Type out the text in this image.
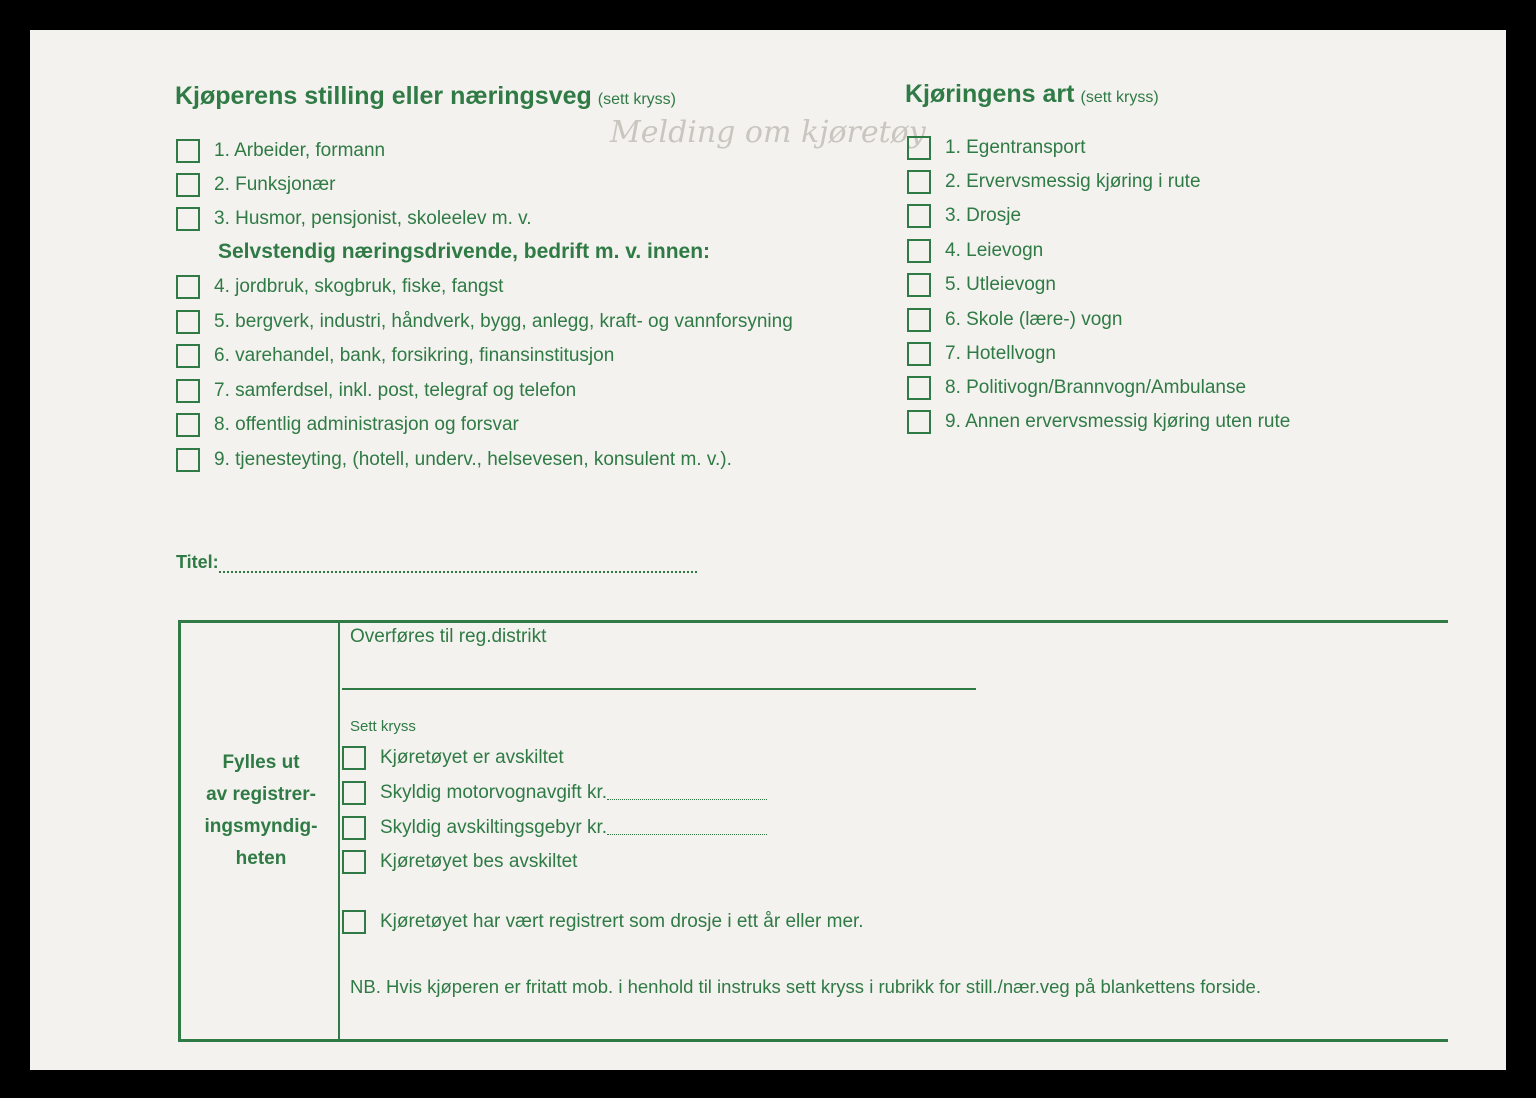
Melding om kjøretøy
Kjøperens stilling eller næringsveg (sett kryss)
1. Arbeider, formann
2. Funksjonær
3. Husmor, pensjonist, skoleelev m. v.
Selvstendig næringsdrivende, bedrift m. v. innen:
4. jordbruk, skogbruk, fiske, fangst
5. bergverk, industri, håndverk, bygg, anlegg, kraft- og vannforsyning
6. varehandel, bank, forsikring, finansinstitusjon
7. samferdsel, inkl. post, telegraf og telefon
8. offentlig administrasjon og forsvar
9. tjenesteyting, (hotell, underv., helsevesen, konsulent m. v.).
Kjøringens art (sett kryss)
1. Egentransport
2. Ervervsmessig kjøring i rute
3. Drosje
4. Leievogn
5. Utleievogn
6. Skole (lære-) vogn
7. Hotellvogn
8. Politivogn/Brannvogn/Ambulanse
9. Annen ervervsmessig kjøring uten rute
Titel:
Fylles ut
av registrer-
ingsmyndig-
heten
Overføres til reg.distrikt
Sett kryss
Kjøretøyet er avskiltet
Skyldig motorvognavgift kr.
Skyldig avskiltingsgebyr kr.
Kjøretøyet bes avskiltet
Kjøretøyet har vært registrert som drosje i ett år eller mer.
NB. Hvis kjøperen er fritatt mob. i henhold til instruks sett kryss i rubrikk for still./nær.veg på blankettens forside.
